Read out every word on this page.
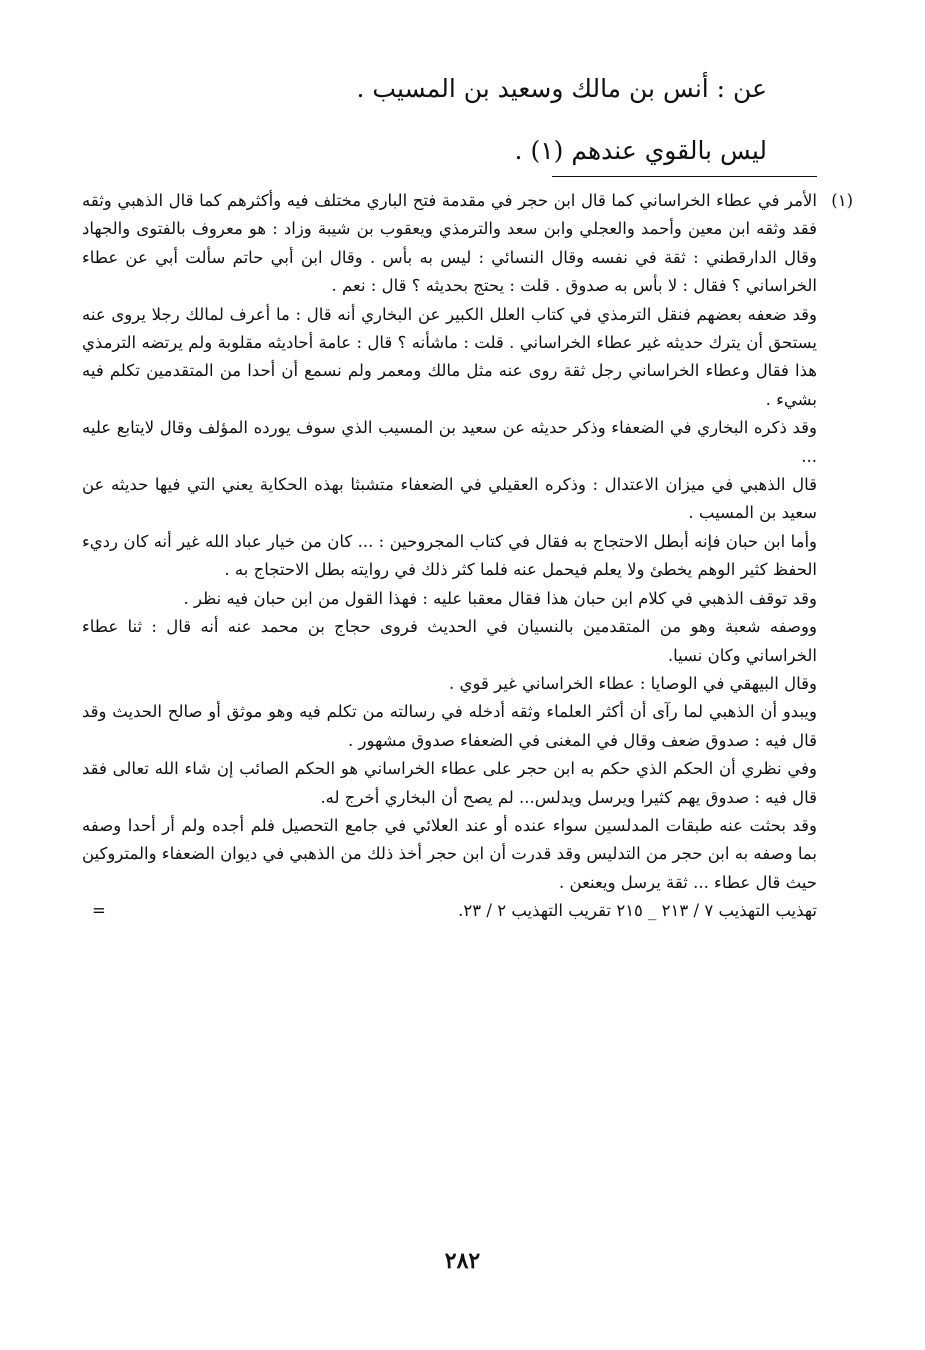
عن : أنس بن مالك وسعيد بن المسيب .

ليس بالقوي عندهم (١) .

(١)
الأمر في عطاء الخراساني كما قال ابن حجر في مقدمة فتح الباري مختلف فيه وأكثرهم كما قال الذهبي وثقه فقد وثقه ابن معين وأحمد والعجلي وابن سعد والترمذي ويعقوب بن شيبة وزاد : هو معروف بالفتوى والجهاد وقال الدارقطني : ثقة في نفسه وقال النسائي : ليس به بأس . وقال ابن أبي حاتم سألت أبي عن عطاء الخراساني ؟ فقال : لا بأس به صدوق . قلت : يحتج بحديثه ؟ قال : نعم .

وقد ضعفه بعضهم فنقل الترمذي في كتاب العلل الكبير عن البخاري أنه قال : ما أعرف لمالك رجلا يروى عنه يستحق أن يترك حديثه غير عطاء الخراساني . قلت : ماشأنه ؟ قال : عامة أحاديثه مقلوبة ولم يرتضه الترمذي هذا فقال وعطاء الخراساني رجل ثقة روى عنه مثل مالك ومعمر ولم نسمع أن أحدا من المتقدمين تكلم فيه بشيء .

وقد ذكره البخاري في الضعفاء وذكر حديثه عن سعيد بن المسيب الذي سوف يورده المؤلف وقال لايتابع عليه ...

قال الذهبي في ميزان الاعتدال : وذكره العقيلي في الضعفاء متشبثا بهذه الحكاية يعني التي فيها حديثه عن سعيد بن المسيب .

وأما ابن حبان فإنه أبطل الاحتجاج به فقال في كتاب المجروحين : ... كان من خيار عباد الله غير أنه كان رديء الحفظ كثير الوهم يخطئ ولا يعلم فيحمل عنه فلما كثر ذلك في روايته بطل الاحتجاج به .

وقد توقف الذهبي في كلام ابن حبان هذا فقال معقبا عليه : فهذا القول من ابن حبان فيه نظر .

ووصفه شعبة وهو من المتقدمين بالنسيان في الحديث فروى حجاج بن محمد عنه أنه قال : ثنا عطاء الخراساني وكان نسيا.

وقال البيهقي في الوصايا : عطاء الخراساني غير قوي .

ويبدو أن الذهبي لما رآى أن أكثر العلماء وثقه أدخله في رسالته من تكلم فيه وهو موثق أو صالح الحديث وقد قال فيه : صدوق ضعف وقال في المغنى في الضعفاء صدوق مشهور .

وفي نظري أن الحكم الذي حكم به ابن حجر على عطاء الخراساني هو الحكم الصائب إن شاء الله تعالى فقد قال فيه : صدوق يهم كثيرا ويرسل ويدلس... لم يصح أن البخاري أخرج له.

وقد بحثت عنه طبقات المدلسين سواء عنده أو عند العلائي في جامع التحصيل فلم أجده ولم أر أحدا وصفه بما وصفه به ابن حجر من التدليس وقد قدرت أن ابن حجر أخذ ذلك من الذهبي في ديوان الضعفاء والمتروكين حيث قال عطاء ... ثقة يرسل ويعنعن .

تهذيب التهذيب ٧ / ٢١٣ _ ٢١٥ تقريب التهذيب ٢ / ٢٣.
=

٢٨٢
